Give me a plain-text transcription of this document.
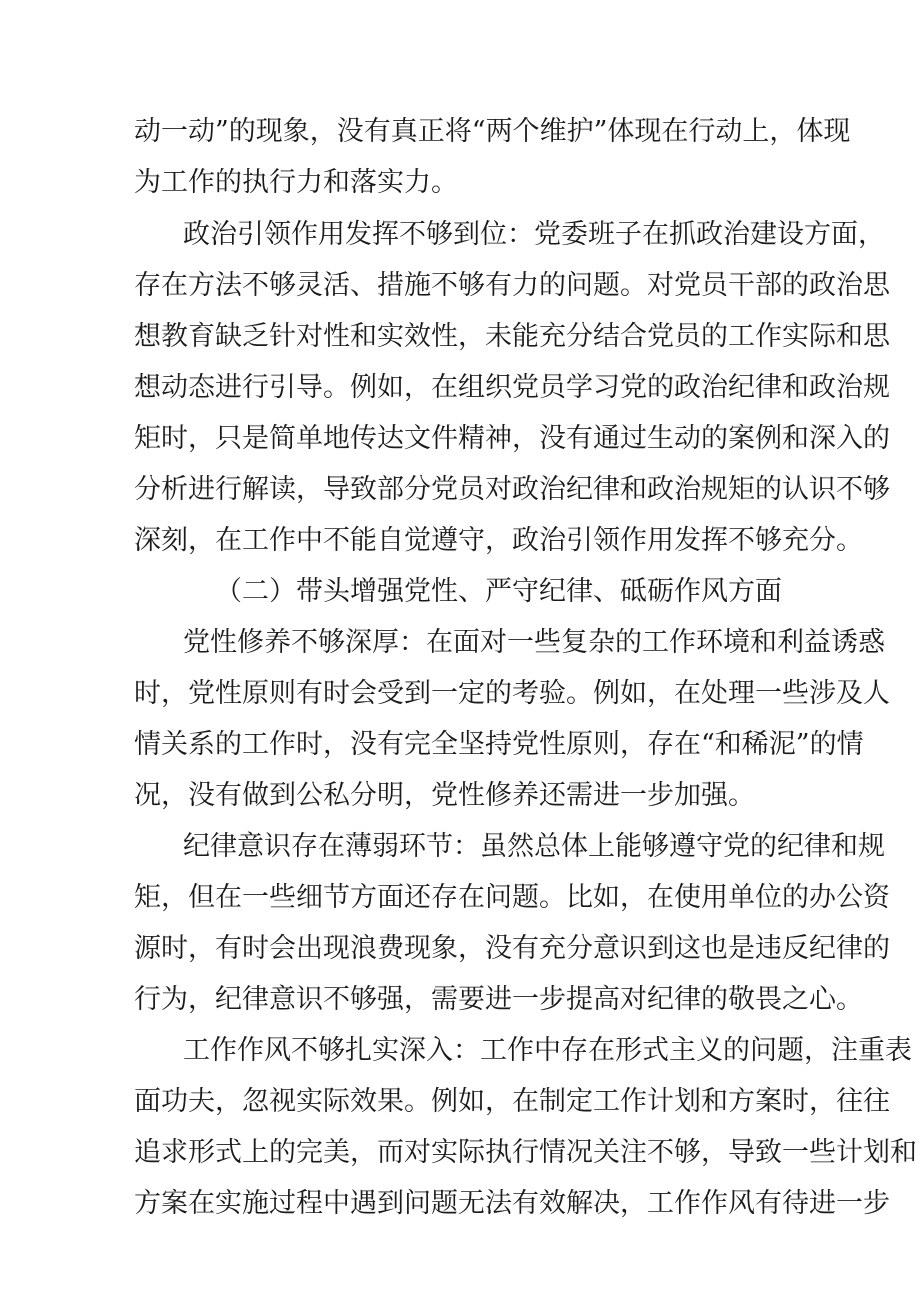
动一动”的现象，没有真正将“两个维护”体现在行动上，体现
为工作的执行力和落实力。
政治引领作用发挥不够到位：党委班子在抓政治建设方面，
存在方法不够灵活、措施不够有力的问题。对党员干部的政治思
想教育缺乏针对性和实效性，未能充分结合党员的工作实际和思
想动态进行引导。例如，在组织党员学习党的政治纪律和政治规
矩时，只是简单地传达文件精神，没有通过生动的案例和深入的
分析进行解读，导致部分党员对政治纪律和政治规矩的认识不够
深刻，在工作中不能自觉遵守，政治引领作用发挥不够充分。
（二）带头增强党性、严守纪律、砥砺作风方面
党性修养不够深厚：在面对一些复杂的工作环境和利益诱惑
时，党性原则有时会受到一定的考验。例如，在处理一些涉及人
情关系的工作时，没有完全坚持党性原则，存在“和稀泥”的情
况，没有做到公私分明，党性修养还需进一步加强。
纪律意识存在薄弱环节：虽然总体上能够遵守党的纪律和规
矩，但在一些细节方面还存在问题。比如，在使用单位的办公资
源时，有时会出现浪费现象，没有充分意识到这也是违反纪律的
行为，纪律意识不够强，需要进一步提高对纪律的敬畏之心。
工作作风不够扎实深入：工作中存在形式主义的问题，注重表
面功夫，忽视实际效果。例如，在制定工作计划和方案时，往往
追求形式上的完美，而对实际执行情况关注不够，导致一些计划和
方案在实施过程中遇到问题无法有效解决，工作作风有待进一步
